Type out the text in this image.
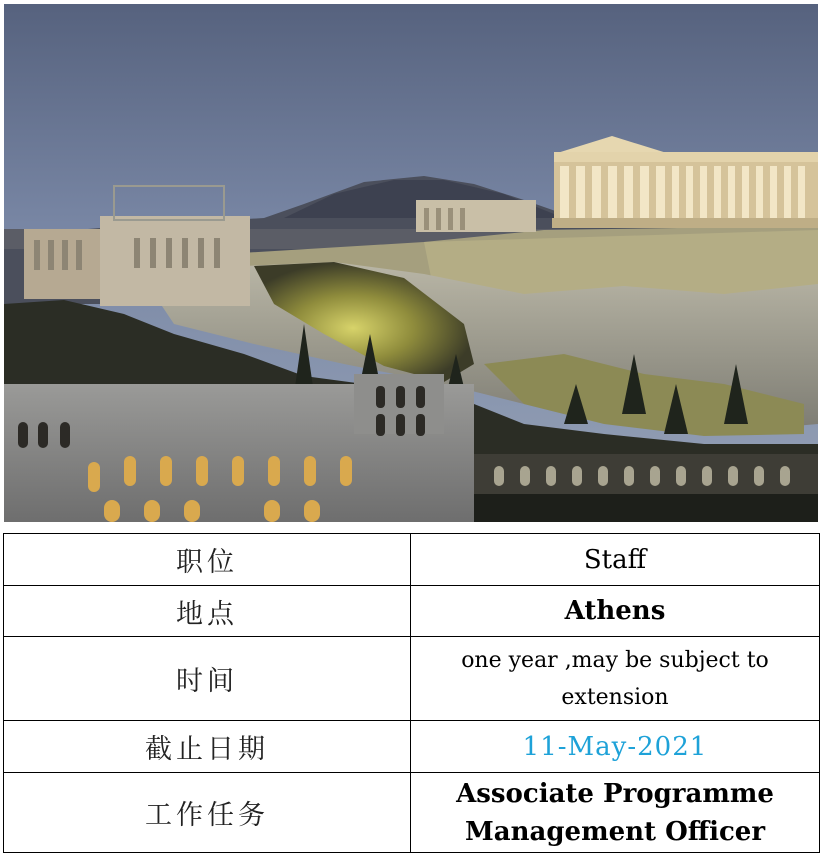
职位	Staff
地点	Athens
时间	one year ,may be subject to extension
截止日期	11-May-2021
工作任务	Associate Programme Management Officer
